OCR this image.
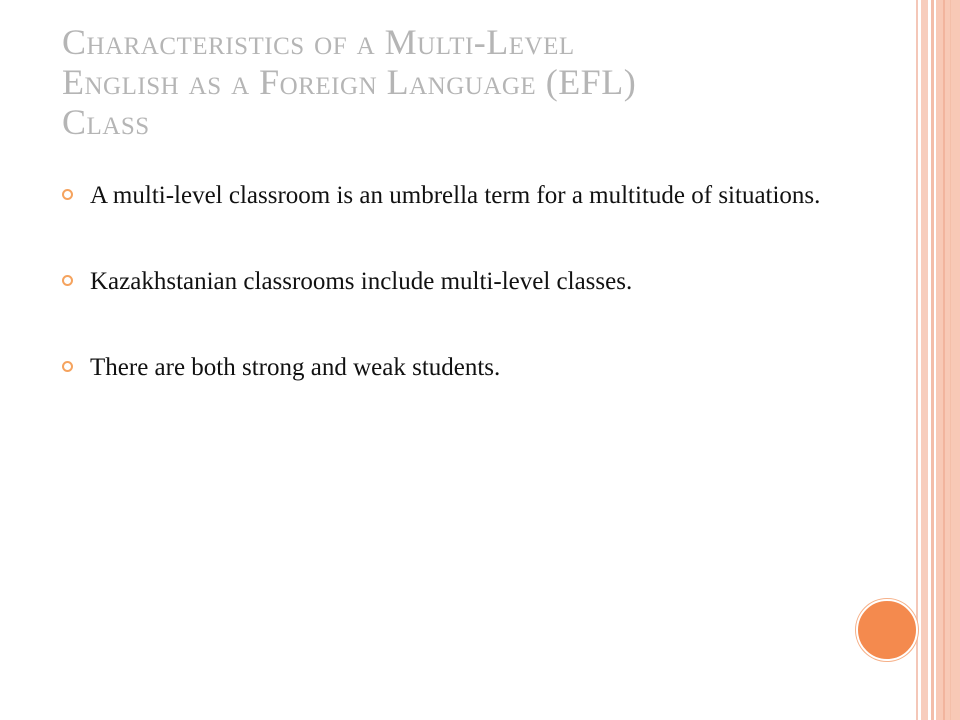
Characteristics of a Multi-Level
English as a Foreign Language (EFL)
Class
A multi-level classroom is an umbrella term for a multitude of situations.
Kazakhstanian classrooms include multi-level classes.
There are both strong and weak students.
